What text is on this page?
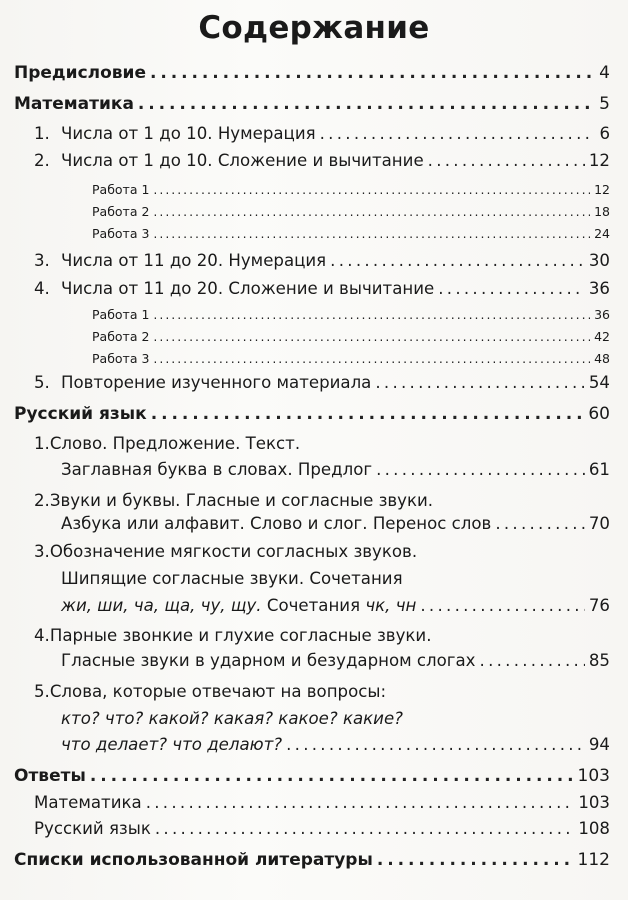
Содержание
Предисловие . . .	4
Математика . . .	5
1. Числа от 1 до 10. Нумерация . . .	6
2. Числа от 1 до 10. Сложение и вычитание . . .	12
Работа 1 . . .	12
Работа 2 . . .	18
Работа 3 . . .	24
3. Числа от 11 до 20. Нумерация . . .	30
4. Числа от 11 до 20. Сложение и вычитание . . .	36
Работа 1 . . .	36
Работа 2 . . .	42
Работа 3 . . .	48
5. Повторение изученного материала . . .	54
Русский язык . . .	60
1.Слово. Предложение. Текст.
Заглавная буква в словах. Предлог . . .	61
2.Звуки и буквы. Гласные и согласные звуки.
Азбука или алфавит. Слово и слог. Перенос слов . . .	70
3.Обозначение мягкости согласных звуков.
Шипящие согласные звуки. Сочетания
жи, ши, ча, ща, чу, щу. Сочетания чк, чн . . .	76
4.Парные звонкие и глухие согласные звуки.
Гласные звуки в ударном и безударном слогах . . .	85
5.Слова, которые отвечают на вопросы:
кто? что? какой? какая? какое? какие?
что делает? что делают? . . .	94
Ответы . . .	103
Математика . . .	103
Русский язык . . .	108
Списки использованной литературы . . .	112
